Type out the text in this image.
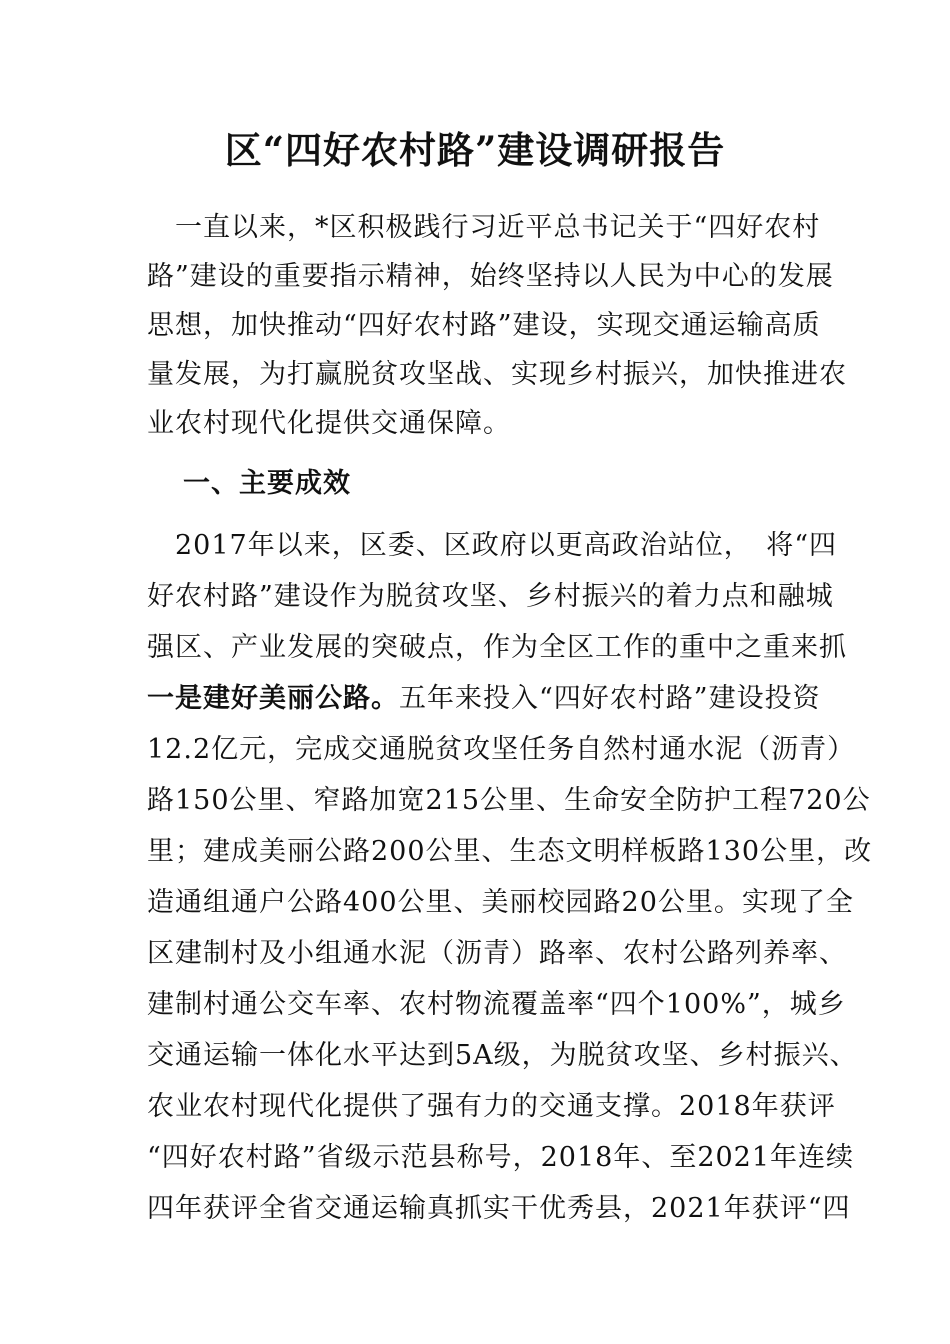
区“四好农村路”建设调研报告
　一直以来，*区积极践行习近平总书记关于“四好农村
路”建设的重要指示精神，始终坚持以人民为中心的发展
思想，加快推动“四好农村路”建设，实现交通运输高质
量发展，为打赢脱贫攻坚战、实现乡村振兴，加快推进农
业农村现代化提供交通保障。
一、主要成效
　2017年以来，区委、区政府以更高政治站位，　将“四
好农村路”建设作为脱贫攻坚、乡村振兴的着力点和融城
强区、产业发展的突破点，作为全区工作的重中之重来抓
一是建好美丽公路。五年来投入“四好农村路”建设投资
12.2亿元，完成交通脱贫攻坚任务自然村通水泥（沥青）
路150公里、窄路加宽215公里、生命安全防护工程720公
里；建成美丽公路200公里、生态文明样板路130公里，改
造通组通户公路400公里、美丽校园路20公里。实现了全
区建制村及小组通水泥（沥青）路率、农村公路列养率、
建制村通公交车率、农村物流覆盖率“四个100%”，城乡
交通运输一体化水平达到5A级，为脱贫攻坚、乡村振兴、
农业农村现代化提供了强有力的交通支撑。2018年获评
“四好农村路”省级示范县称号，2018年、至2021年连续
四年获评全省交通运输真抓实干优秀县，2021年获评“四
